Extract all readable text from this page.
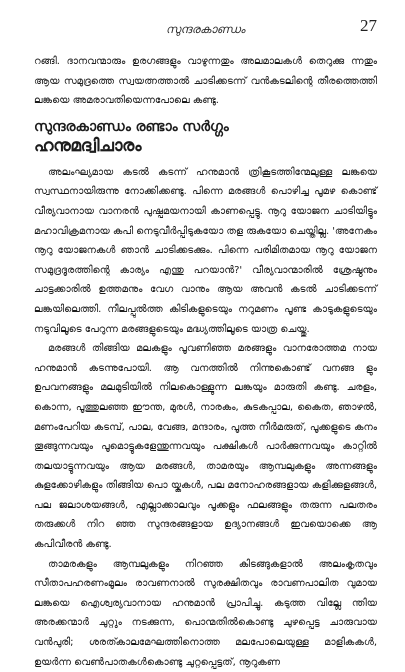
സുന്ദരകാണ്ഡം	27

റങ്ങി. ദാനവന്മാരും ഉരഗങ്ങളും വാഴുന്നതും അലമാലകൾ തെറുക്കു ന്നതും ആയ സമുദ്രത്തെ സ്വയത്നത്താൽ ചാടിക്കടന്ന് വൻകടലിന്റെ തീരത്തെത്തി ലങ്കയെ അമരാവതിയെന്നപോലെ കണ്ടു.

സുന്ദരകാണ്ഡം രണ്ടാം സർഗ്ഗം
ഹനുമദ്വിചാരം

അലംഘ്യമായ കടൽ കടന്ന് ഹനുമാൻ ത്രികൂടത്തിന്മേലുള്ള ലങ്കയെ സ്വസ്ഥനായിരുന്നു നോക്കിക്കണ്ടു. പിന്നെ മരങ്ങൾ പൊഴിച്ച പൂമഴ കൊണ്ട് വീര്യവാനായ വാനരൻ പുഷ്പമയനായി കാണപ്പെട്ടു. നൂറു യോജന ചാടിയിട്ടും മഹാവിക്രമനായ കപി നെടുവീർപ്പിടുകയോ തള രുകയോ ചെയ്തില്ല. 'അനേകം നൂറു യോജനകൾ ഞാൻ ചാടിക്കടക്കും. പിന്നെ പരിമിതമായ നൂറു യോജന സമുദ്രദൂരത്തിന്റെ കാര്യം എന്തു പറയാൻ?' വീര്യവാന്മാരിൽ ശ്രേഷ്ഠനും ചാട്ടക്കാരിൽ ഉത്തമനും വേഗ വാനും ആയ അവൻ കടൽ ചാടിക്കടന്ന് ലങ്കയിലെത്തി. നീലപ്പുൽത്ത കിടികളുടെയും നറുമണം പൂണ്ട കാടുകളുടെയും നടുവിലൂടെ പേറുന്ന മരങ്ങളുടെയും മദ്ധ്യത്തിലൂടെ യാത്ര ചെയ്തു.

മരങ്ങൾ തിങ്ങിയ മലകളും പൂവണിഞ്ഞ മരങ്ങളും വാനരോത്തമ നായ ഹനുമാൻ കടന്നുപോയി. ആ വനത്തിൽ നിന്നുകൊണ്ട് വനങ്ങ ളും ഉപവനങ്ങളും മലമുടിയിൽ നിലകൊള്ളുന്ന ലങ്കയും മാരുതി കണ്ടു. ചരളം, കൊന്ന, പൂത്തുലഞ്ഞ ഈന്ത, മുരൾ, നാരകം, കുടകപ്പാല, കൈത, ഞാഴൽ, മണംപേറിയ കടമ്പ്, പാല, വേങ്ങ, മന്ദാരം, പൂത്ത നീർമരുത്, പൂക്കളുടെ കനം തൂങ്ങുന്നവയും പൂമൊട്ടുകളേന്തുന്നവയും പക്ഷികൾ പാർക്കുന്നവയും കാറ്റിൽ തലയാട്ടുന്നവയും ആയ മരങ്ങൾ, താമരയും ആമ്പലുകളും അന്നങ്ങളും കുളക്കോഴികളും തിങ്ങിയ പൊ യ്കകൾ, പല മനോഹരങ്ങളായ കളിക്കുളങ്ങൾ, പല ജലാശയങ്ങൾ, എല്ലാക്കാലവും പൂക്കളും ഫലങ്ങളും തരുന്ന പലതരം തരുക്കൾ നിറ ഞ്ഞ സുന്ദരങ്ങളായ ഉദ്യാനങ്ങൾ ഇവയൊക്കെ ആ കപിവീരൻ കണ്ടു.

താമരകളും ആമ്പലുകളും നിറഞ്ഞ കിടങ്ങുകളാൽ അലംകൃതവും സീതാപഹരണംമൂലം രാവണനാൽ സുരക്ഷിതവും രാവണപാലിത വുമായ ലങ്കയെ ഐശ്വര്യവാനായ ഹനുമാൻ പ്രാപിച്ചു. കടുത്ത വില്ലേ ന്തിയ അരക്കന്മാർ ചുറ്റും നടക്കുന്ന, പൊന്മതിൽകൊണ്ടു ചുഴപ്പെട്ട ചാരുവായ വൻപുരി; ശരത്കാലമേഘത്തിനൊത്ത മലപോലെയുള്ള മാളികകൾ, ഉയർന്ന വെൺപാതകൾകൊണ്ടു ചുറ്റപ്പെട്ടത്, നൂറുകണ
